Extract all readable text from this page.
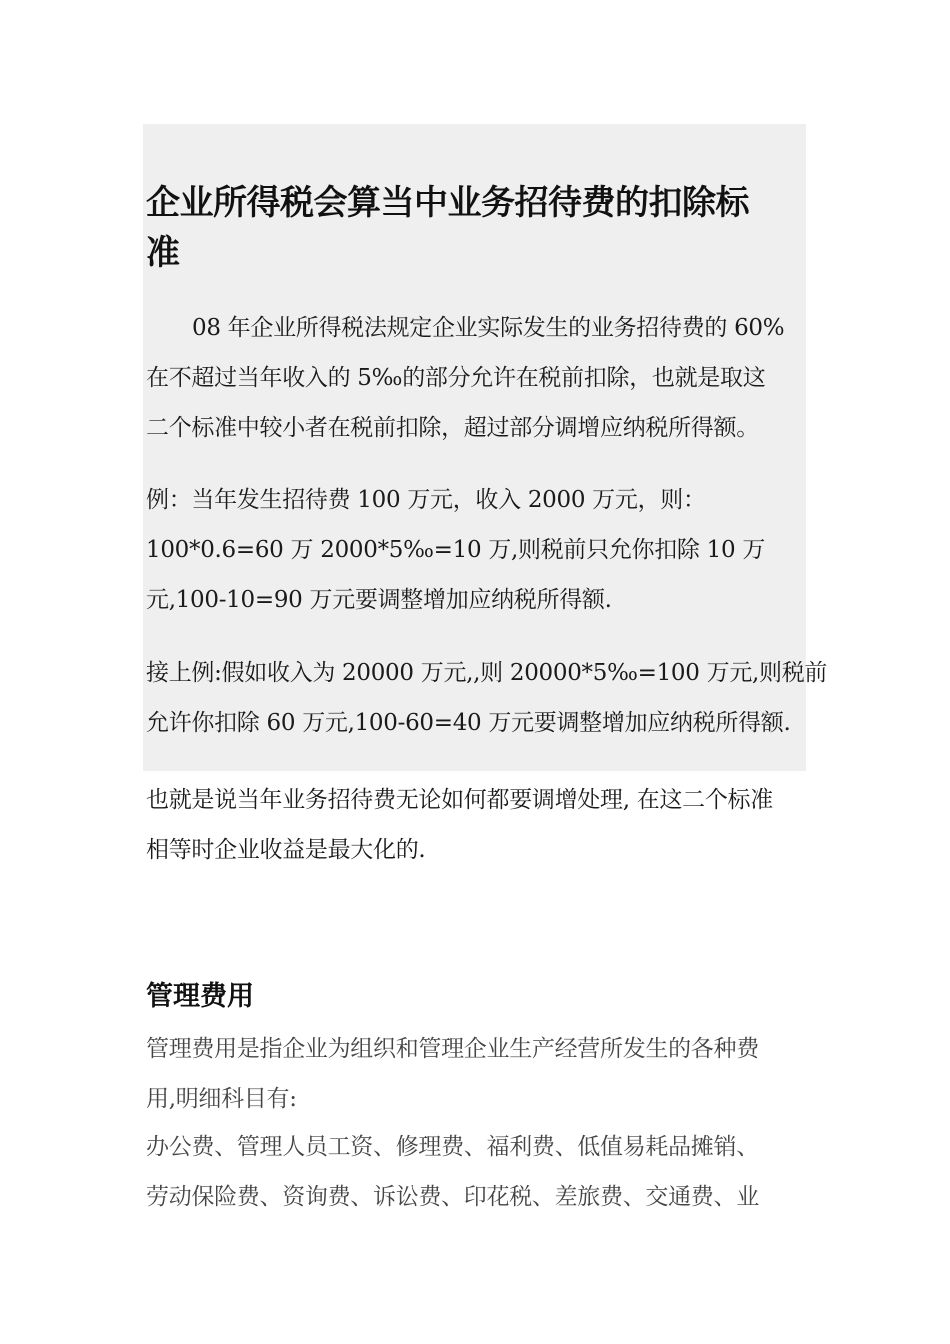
企业所得税会算当中业务招待费的扣除标
准

08 年企业所得税法规定企业实际发生的业务招待费的 60%
在不超过当年收入的 5‰的部分允许在税前扣除，也就是取这
二个标准中较小者在税前扣除，超过部分调增应纳税所得额。

例：当年发生招待费 100 万元，收入 2000 万元，则：
100*0.6=60 万 2000*5‰=10 万,则税前只允你扣除 10 万
元,100-10=90 万元要调整增加应纳税所得额.

接上例:假如收入为 20000 万元,,则 20000*5‰=100 万元,则税前
允许你扣除 60 万元,100-60=40 万元要调整增加应纳税所得额.

也就是说当年业务招待费无论如何都要调增处理, 在这二个标准
相等时企业收益是最大化的.

管理费用

管理费用是指企业为组织和管理企业生产经营所发生的各种费
用,明细科目有:

办公费、管理人员工资、修理费、福利费、低值易耗品摊销、
劳动保险费、资询费、诉讼费、印花税、差旅费、交通费、业
